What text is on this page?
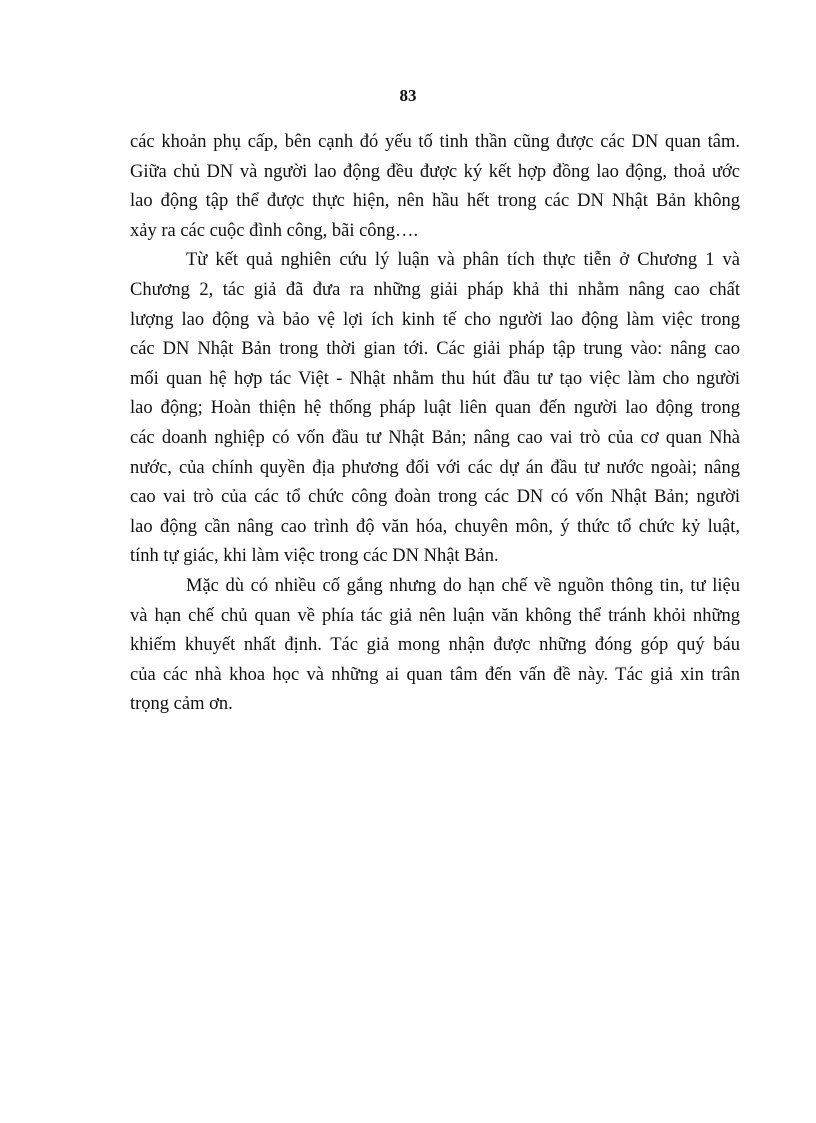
83
các khoản phụ cấp, bên cạnh đó yếu tố tinh thần cũng được các DN quan tâm.
Giữa chủ DN và người lao động đều được ký kết hợp đồng lao động, thoả ước
lao động tập thể được thực hiện, nên hầu hết trong các DN Nhật Bản không
xảy ra các cuộc đình công, bãi công….
Từ kết quả nghiên cứu lý luận và phân tích thực tiễn ở Chương 1 và
Chương 2, tác giả đã đưa ra những giải pháp khả thi nhằm nâng cao chất
lượng lao động và bảo vệ lợi ích kinh tế cho người lao động làm việc trong
các DN Nhật Bản trong thời gian tới. Các giải pháp tập trung vào: nâng cao
mối quan hệ hợp tác Việt - Nhật nhằm thu hút đầu tư tạo việc làm cho người
lao động; Hoàn thiện hệ thống pháp luật liên quan đến người lao động trong
các doanh nghiệp có vốn đầu tư Nhật Bản; nâng cao vai trò của cơ quan Nhà
nước, của chính quyền địa phương đối với các dự án đầu tư nước ngoài; nâng
cao vai trò của các tổ chức công đoàn trong các DN có vốn Nhật Bản; người
lao động cần nâng cao trình độ văn hóa, chuyên môn, ý thức tổ chức kỷ luật,
tính tự giác, khi làm việc trong các DN Nhật Bản.
Mặc dù có nhiều cố gắng nhưng do hạn chế về nguồn thông tin, tư liệu
và hạn chế chủ quan về phía tác giả nên luận văn không thể tránh khỏi những
khiếm khuyết nhất định. Tác giả mong nhận được những đóng góp quý báu
của các nhà khoa học và những ai quan tâm đến vấn đề này. Tác giả xin trân
trọng cảm ơn.
